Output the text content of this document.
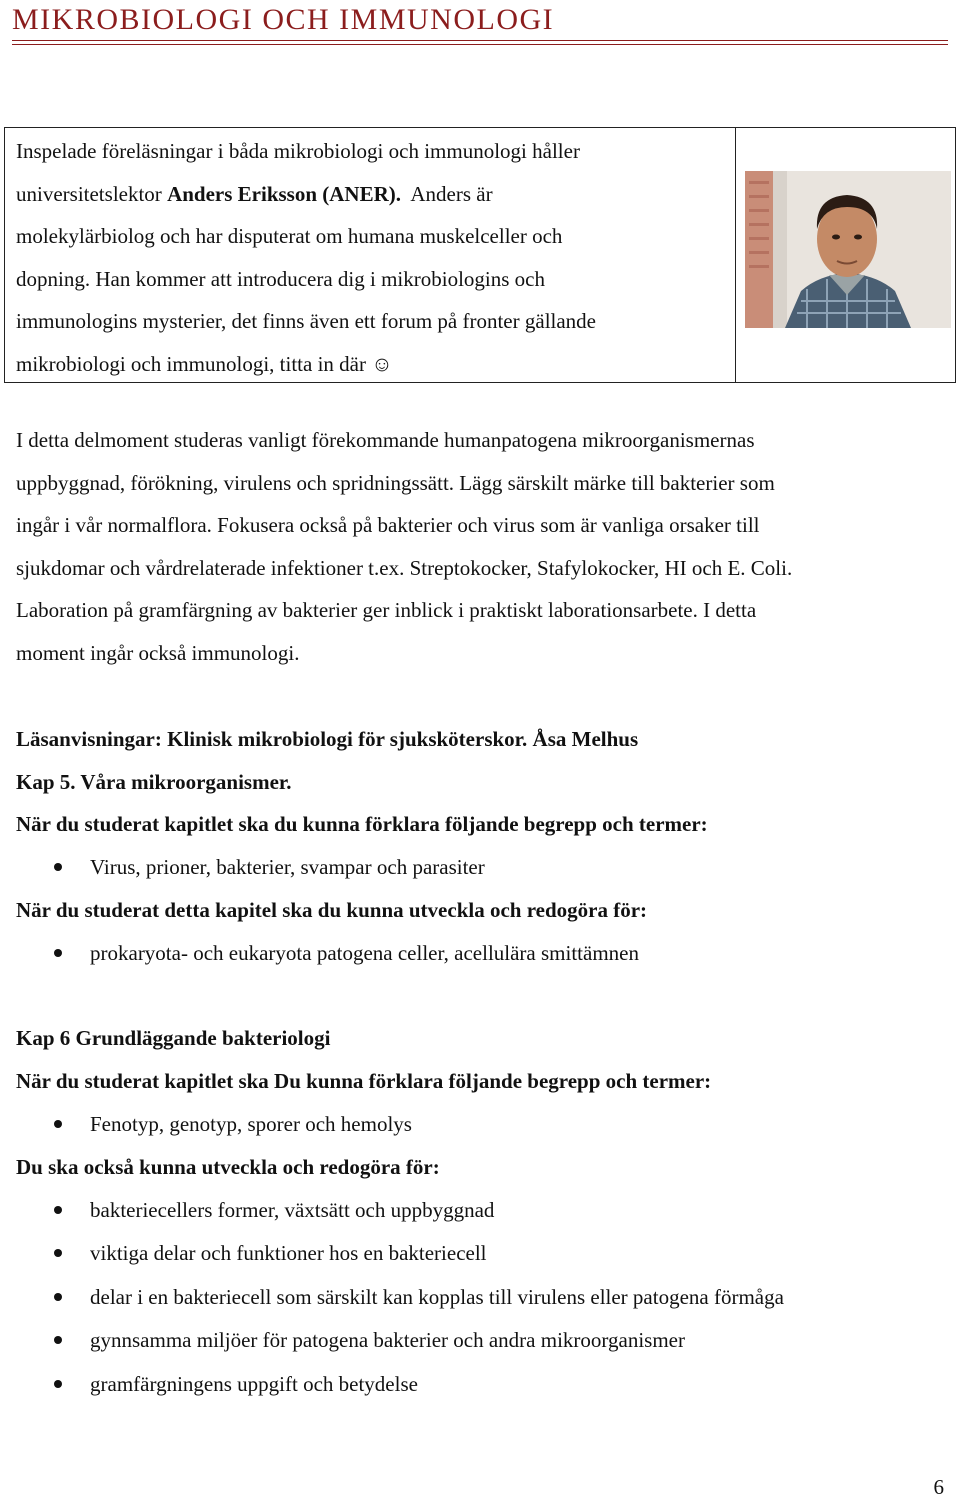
MIKROBIOLOGI OCH IMMUNOLOGI
Inspelade föreläsningar i båda mikrobiologi och immunologi håller
universitetslektor Anders Eriksson (ANER).  Anders är
molekylärbiolog och har disputerat om humana muskelceller och
dopning. Han kommer att introducera dig i mikrobiologins och
immunologins mysterier, det finns även ett forum på fronter gällande
mikrobiologi och immunologi, titta in där ☺
I detta delmoment studeras vanligt förekommande humanpatogena mikroorganismernas
uppbyggnad, förökning, virulens och spridningssätt. Lägg särskilt märke till bakterier som
ingår i vår normalflora. Fokusera också på bakterier och virus som är vanliga orsaker till
sjukdomar och vårdrelaterade infektioner t.ex. Streptokocker, Stafylokocker, HI och E. Coli.
Laboration på gramfärgning av bakterier ger inblick i praktiskt laborationsarbete. I detta
moment ingår också immunologi.

Läsanvisningar: Klinisk mikrobiologi för sjuksköterskor. Åsa Melhus

Kap 5. Våra mikroorganismer.

När du studerat kapitlet ska du kunna förklara följande begrepp och termer:

Virus, prioner, bakterier, svampar och parasiter

När du studerat detta kapitel ska du kunna utveckla och redogöra för:

prokaryota- och eukaryota patogena celler, acellulära smittämnen

Kap 6 Grundläggande bakteriologi

När du studerat kapitlet ska Du kunna förklara följande begrepp och termer:

Fenotyp, genotyp, sporer och hemolys

Du ska också kunna utveckla och redogöra för:

bakteriecellers former, växtsätt och uppbyggnad
viktiga delar och funktioner hos en bakteriecell
delar i en bakteriecell som särskilt kan kopplas till virulens eller patogena förmåga
gynnsamma miljöer för patogena bakterier och andra mikroorganismer
gramfärgningens uppgift och betydelse
6
